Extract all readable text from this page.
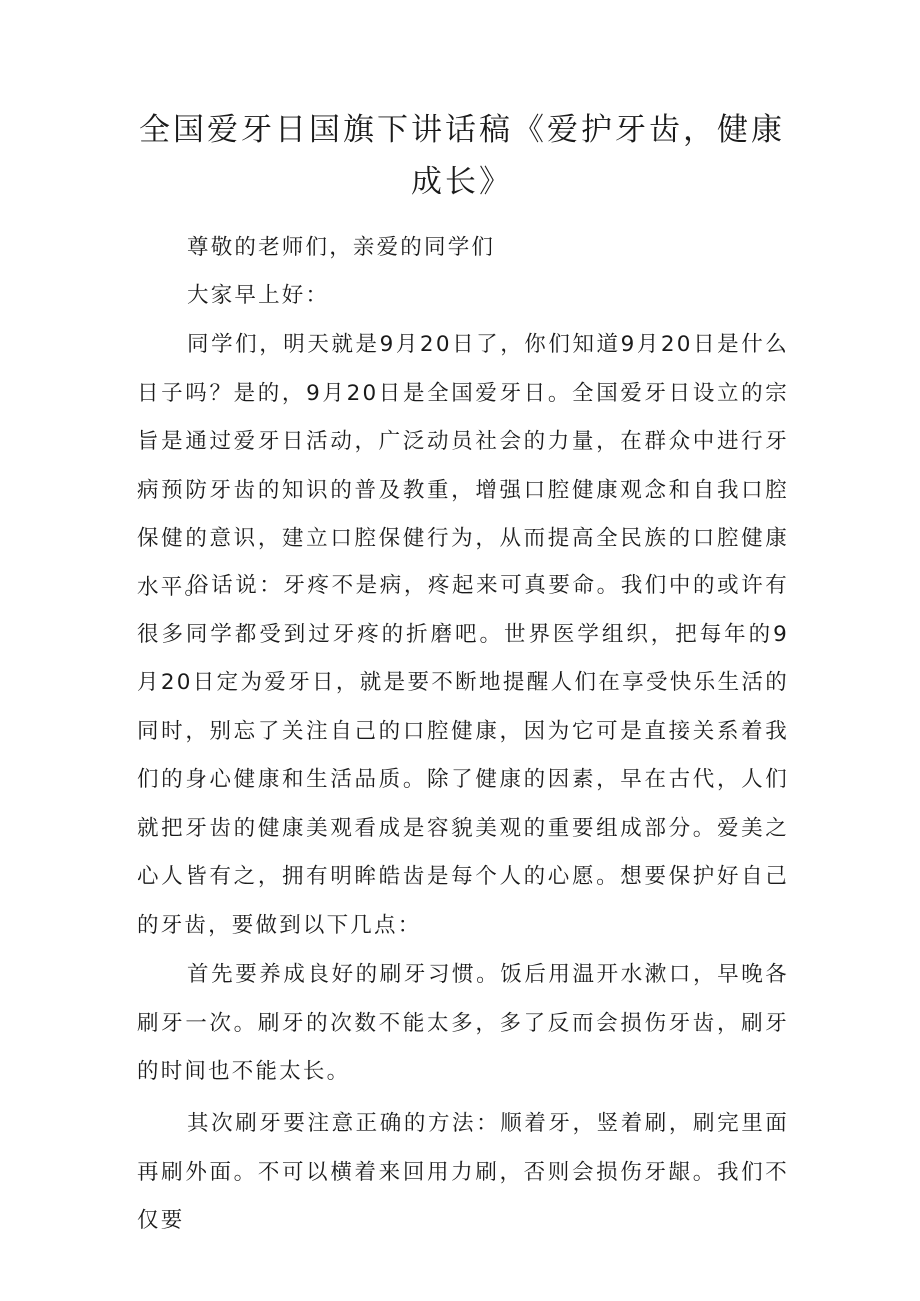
全国爱牙日国旗下讲话稿《爱护牙齿，健康成长》

尊敬的老师们，亲爱的同学们

大家早上好：

同学们，明天就是9月20日了，你们知道9月20日是什么日子吗？是的，9月20日是全国爱牙日。全国爱牙日设立的宗旨是通过爱牙日活动，广泛动员社会的力量，在群众中进行牙病预防牙齿的知识的普及教重，增强口腔健康观念和自我口腔保健的意识，建立口腔保健行为，从而提高全民族的口腔健康水平。

俗话说：牙疼不是病，疼起来可真要命。我们中的或许有很多同学都受到过牙疼的折磨吧。世界医学组织，把每年的9月20日定为爱牙日，就是要不断地提醒人们在享受快乐生活的同时，别忘了关注自己的口腔健康，因为它可是直接关系着我们的身心健康和生活品质。除了健康的因素，早在古代，人们就把牙齿的健康美观看成是容貌美观的重要组成部分。爱美之心人皆有之，拥有明眸皓齿是每个人的心愿。想要保护好自己的牙齿，要做到以下几点：

首先要养成良好的刷牙习惯。饭后用温开水漱口，早晚各刷牙一次。刷牙的次数不能太多，多了反而会损伤牙齿，刷牙的时间也不能太长。

其次刷牙要注意正确的方法：顺着牙，竖着刷，刷完里面再刷外面。不可以横着来回用力刷，否则会损伤牙龈。我们不仅要
